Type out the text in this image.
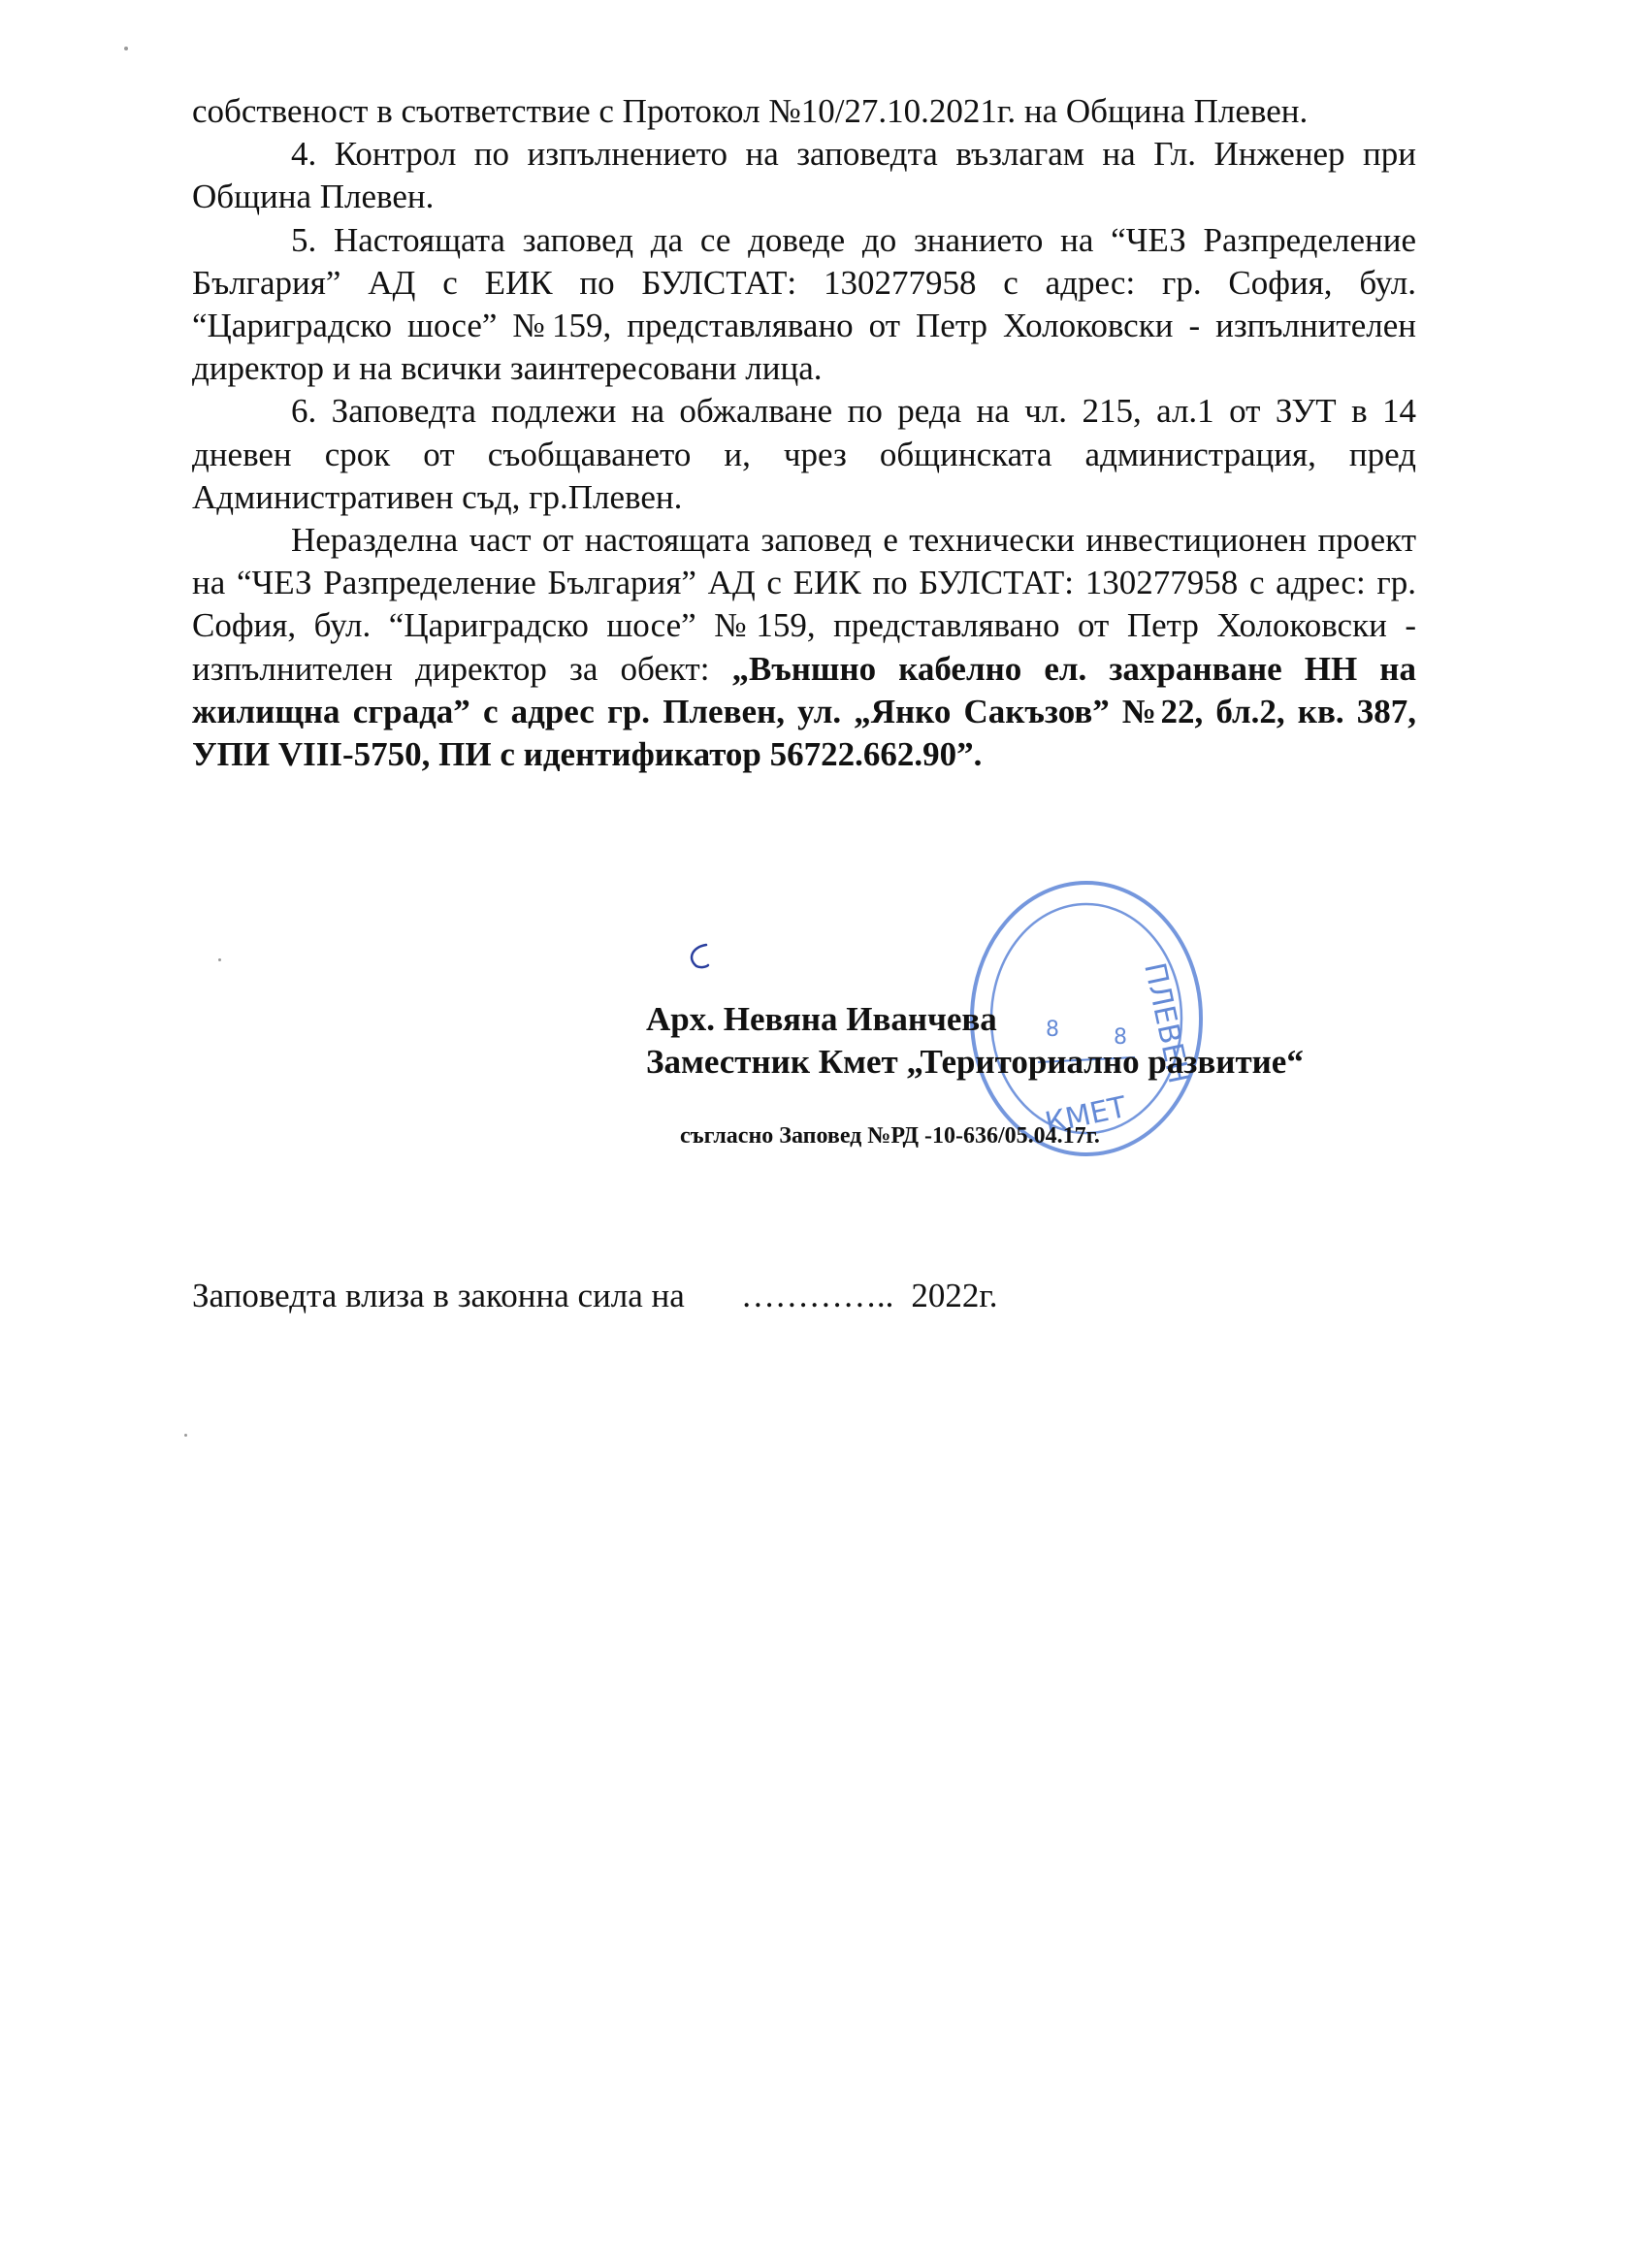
собственост в съответствие с Протокол №10/27.10.2021г. на Община Плевен.

4. Контрол по изпълнението на заповедта възлагам на Гл. Инженер при Община Плевен.

5. Настоящата заповед да се доведе до знанието на “ЧЕЗ Разпределение България” АД с ЕИК по БУЛСТАТ: 130277958 с адрес: гр. София, бул. “Цариградско шосе” №159, представлявано от Петр Холоковски - изпълнителен директор и на всички заинтересовани лица.

6. Заповедта подлежи на обжалване по реда на чл. 215, ал.1 от ЗУТ в 14 дневен срок от съобщаването и, чрез общинската администрация, пред Административен съд, гр.Плевен.

Неразделна част от настоящата заповед е технически инвестиционен проект на “ЧЕЗ Разпределение България” АД с ЕИК по БУЛСТАТ: 130277958 с адрес: гр. София, бул. “Цариградско шосе” №159, представлявано от Петр Холоковски - изпълнителен директор за обект: „Външно кабелно ел. захранване НН на жилищна сграда” с адрес гр. Плевен, ул. „Янко Сакъзов” №22, бл.2, кв. 387, УПИ VIII-5750, ПИ с идентификатор 56722.662.90”.

ПЛЕВЕН
КМЕТ
8	8
Арх. Невяна Иванчева
Заместник Кмет „Териториално развитие“
съгласно Заповед №РД -10-636/05.04.17г.
Заповедта влиза в законна сила на ………….. 2022г.
